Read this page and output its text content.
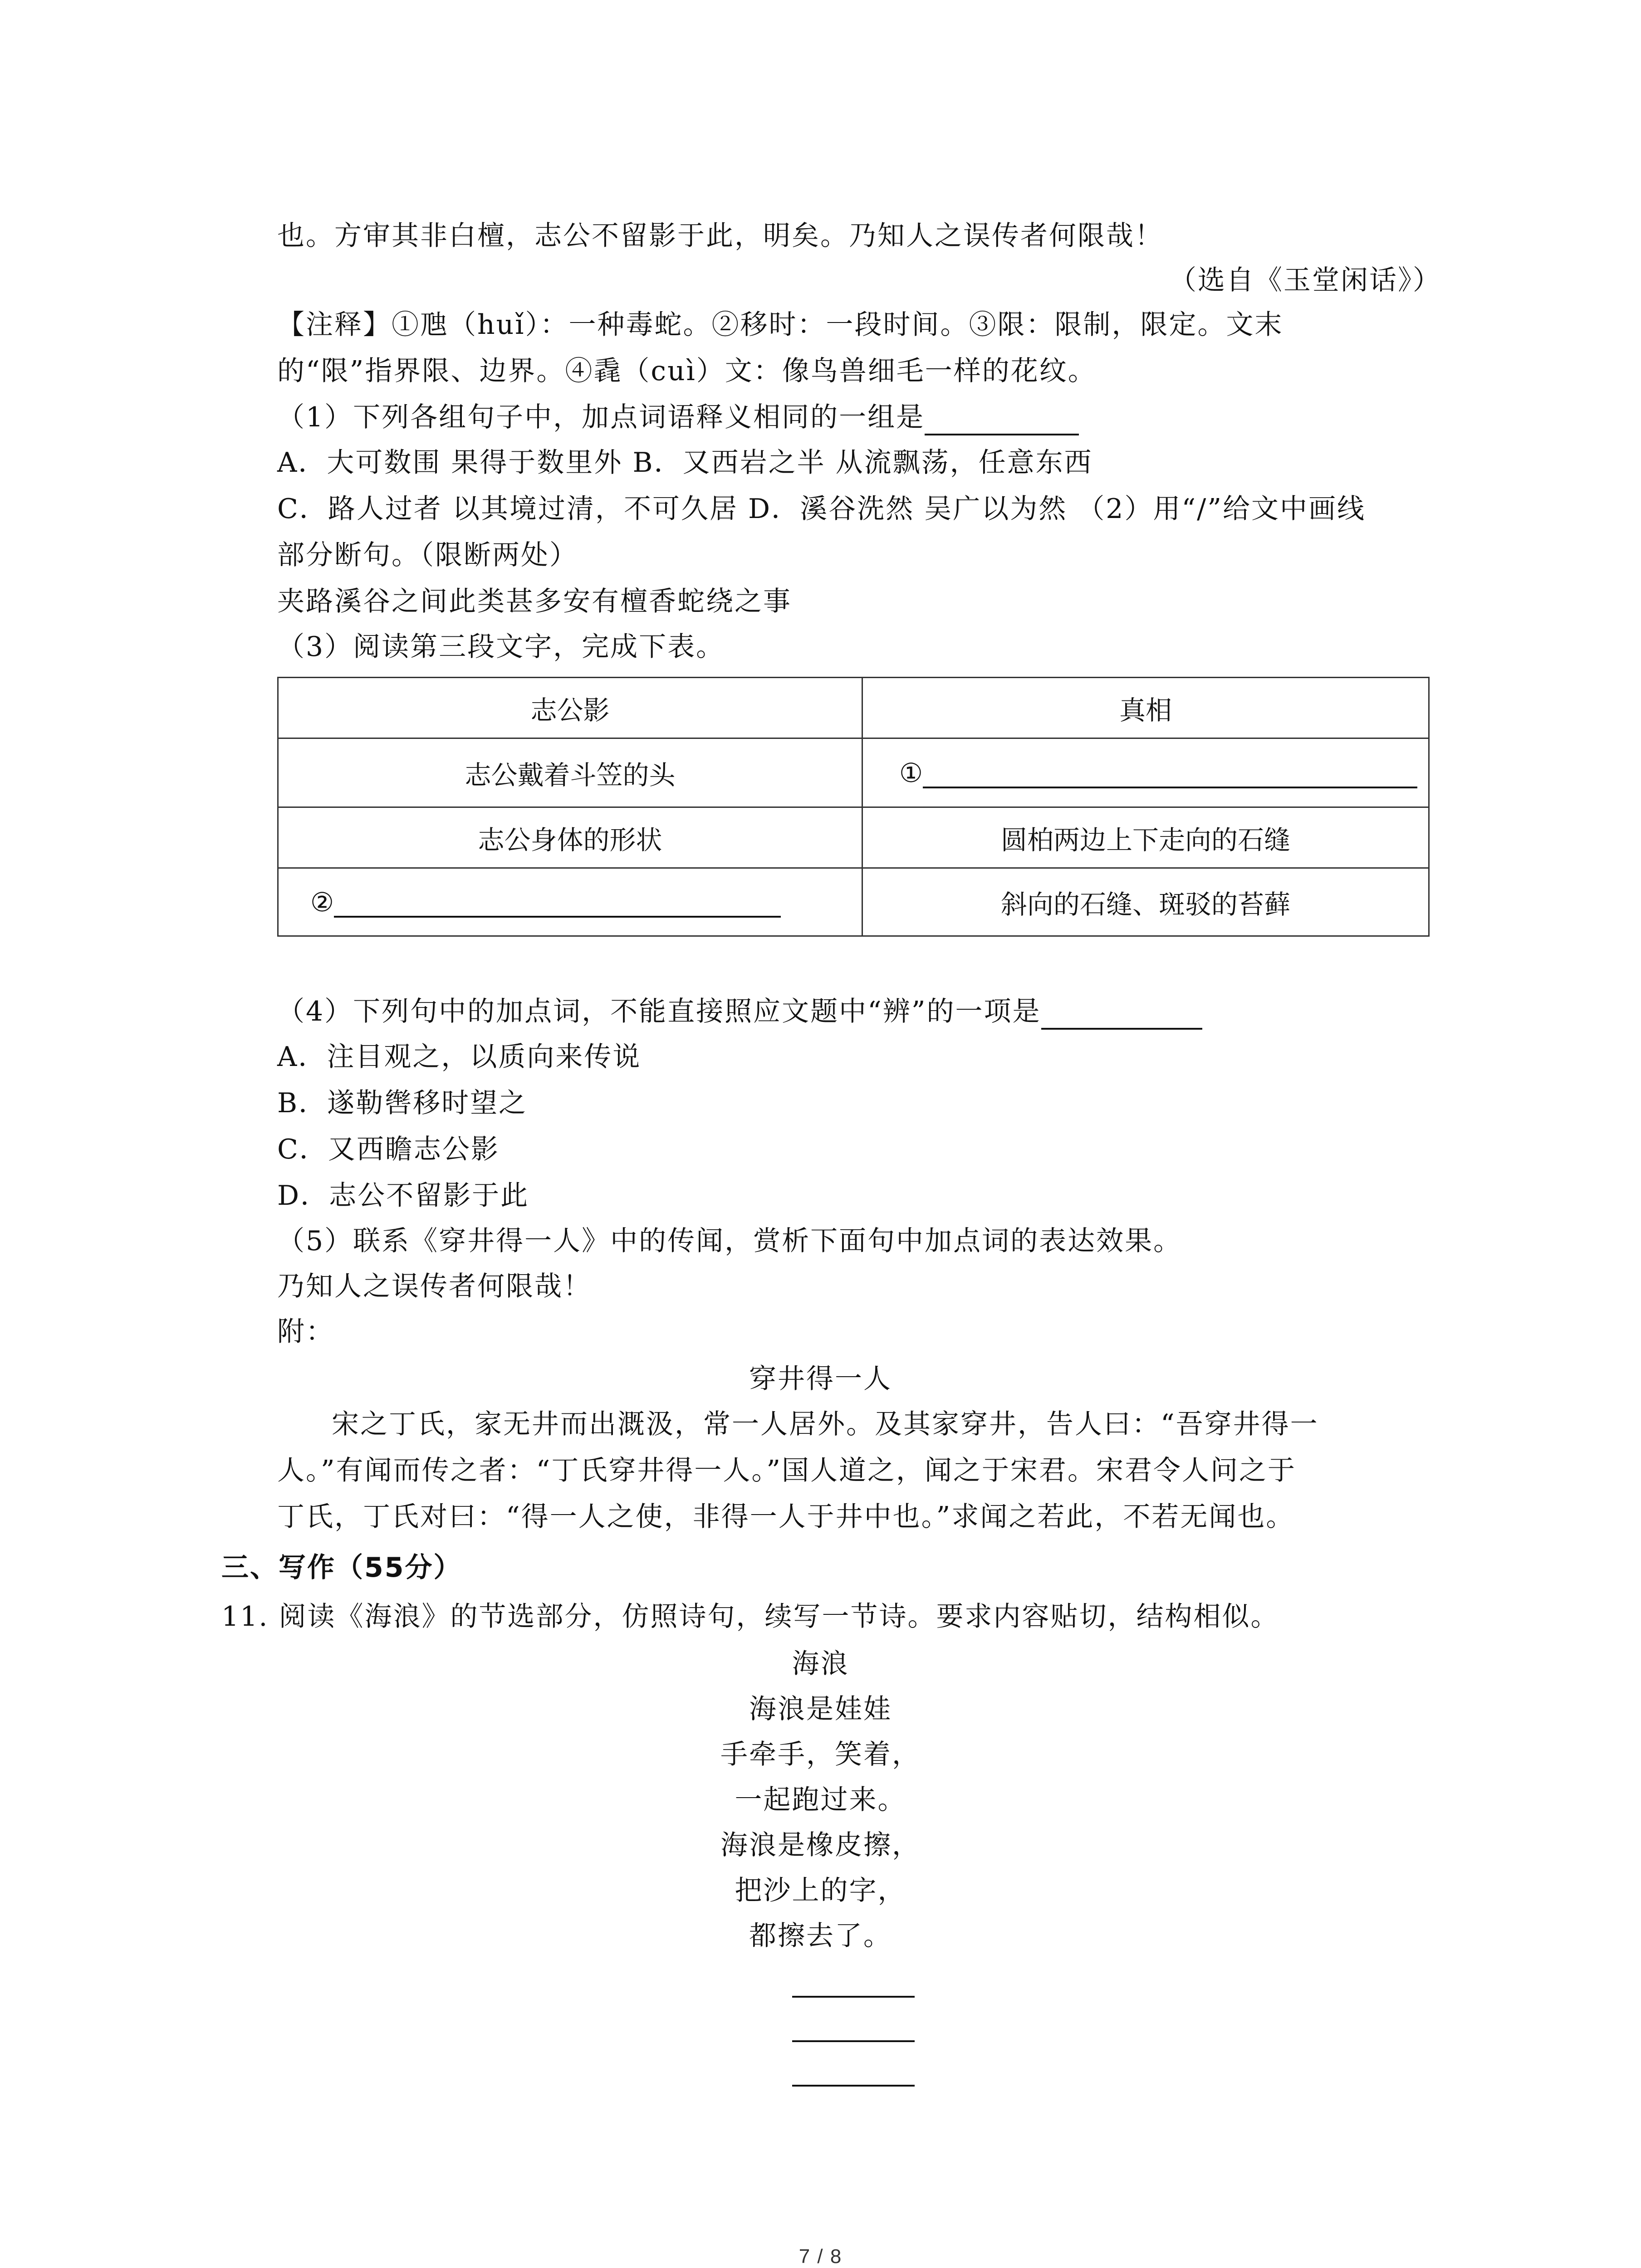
也。方审其非白檀，志公不留影于此，明矣。乃知人之误传者何限哉！
（选自《玉堂闲话》）
【注释】①虺（huǐ）：一种毒蛇。②移时：一段时间。③限：限制，限定。文末
的“限”指界限、边界。④毳（cuì）文：像鸟兽细毛一样的花纹。
（1）下列各组句子中，加点词语释义相同的一组是
A．大可数围 果得于数里外 B．又西岩之半 从流飘荡，任意东西
C．路人过者 以其境过清，不可久居 D．溪谷洗然 吴广以为然 （2）用“/”给文中画线
部分断句。（限断两处）
夹路溪谷之间此类甚多安有檀香蛇绕之事
（3）阅读第三段文字，完成下表。
志公影	真相
志公戴着斗笠的头	①
志公身体的形状	圆柏两边上下走向的石缝
②	斜向的石缝、斑驳的苔藓
（4）下列句中的加点词，不能直接照应文题中“辨”的一项是
A．注目观之，以质向来传说
B．遂勒辔移时望之
C．又西瞻志公影
D．志公不留影于此
（5）联系《穿井得一人》中的传闻，赏析下面句中加点词的表达效果。
乃知人之误传者何限哉！
附：
穿井得一人
宋之丁氏，家无井而出溉汲，常一人居外。及其家穿井，告人曰：“吾穿井得一
人。”有闻而传之者：“丁氏穿井得一人。”国人道之，闻之于宋君。宋君令人问之于
丁氏，丁氏对曰：“得一人之使，非得一人于井中也。”求闻之若此，不若无闻也。
三、写作（55分）
11. 阅读《海浪》的节选部分，仿照诗句，续写一节诗。要求内容贴切，结构相似。
海浪
海浪是娃娃
手牵手，笑着，
一起跑过来。
海浪是橡皮擦，
把沙上的字，
都擦去了。
7 / 8
